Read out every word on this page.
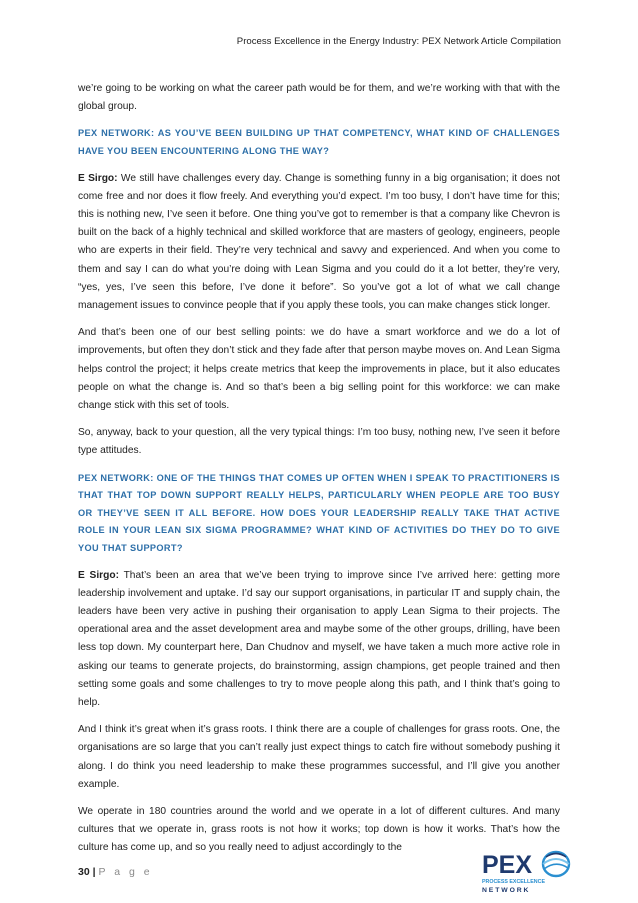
Process Excellence in the Energy Industry: PEX Network Article Compilation

we’re going to be working on what the career path would be for them, and we’re working with that with the global group.

PEX NETWORK: AS YOU’VE BEEN BUILDING UP THAT COMPETENCY, WHAT KIND OF CHALLENGES HAVE YOU BEEN ENCOUNTERING ALONG THE WAY?

E Sirgo: We still have challenges every day. Change is something funny in a big organisation; it does not come free and nor does it flow freely. And everything you’d expect. I’m too busy, I don’t have time for this; this is nothing new, I’ve seen it before. One thing you’ve got to remember is that a company like Chevron is built on the back of a highly technical and skilled workforce that are masters of geology, engineers, people who are experts in their field. They’re very technical and savvy and experienced. And when you come to them and say I can do what you’re doing with Lean Sigma and you could do it a lot better, they’re very, “yes, yes, I’ve seen this before, I’ve done it before”. So you’ve got a lot of what we call change management issues to convince people that if you apply these tools, you can make changes stick longer.

And that’s been one of our best selling points: we do have a smart workforce and we do a lot of improvements, but often they don’t stick and they fade after that person maybe moves on. And Lean Sigma helps control the project; it helps create metrics that keep the improvements in place, but it also educates people on what the change is. And so that’s been a big selling point for this workforce: we can make change stick with this set of tools.

So, anyway, back to your question, all the very typical things: I’m too busy, nothing new, I’ve seen it before type attitudes.

PEX NETWORK: ONE OF THE THINGS THAT COMES UP OFTEN WHEN I SPEAK TO PRACTITIONERS IS THAT THAT TOP DOWN SUPPORT REALLY HELPS, PARTICULARLY WHEN PEOPLE ARE TOO BUSY OR THEY’VE SEEN IT ALL BEFORE. HOW DOES YOUR LEADERSHIP REALLY TAKE THAT ACTIVE ROLE IN YOUR LEAN SIX SIGMA PROGRAMME? WHAT KIND OF ACTIVITIES DO THEY DO TO GIVE YOU THAT SUPPORT?

E Sirgo: That’s been an area that we’ve been trying to improve since I’ve arrived here: getting more leadership involvement and uptake. I’d say our support organisations, in particular IT and supply chain, the leaders have been very active in pushing their organisation to apply Lean Sigma to their projects. The operational area and the asset development area and maybe some of the other groups, drilling, have been less top down. My counterpart here, Dan Chudnov and myself, we have taken a much more active role in asking our teams to generate projects, do brainstorming, assign champions, get people trained and then setting some goals and some challenges to try to move people along this path, and I think that’s going to help.

And I think it’s great when it’s grass roots. I think there are a couple of challenges for grass roots. One, the organisations are so large that you can’t really just expect things to catch fire without somebody pushing it along. I do think you need leadership to make these programmes successful, and I’ll give you another example.

We operate in 180 countries around the world and we operate in a lot of different cultures. And many cultures that we operate in, grass roots is not how it works; top down is how it works. That’s how the culture has come up, and so you really need to adjust accordingly to the

30 | P a g e	PEX
PROCESS EXCELLENCE
N E T W O R K
